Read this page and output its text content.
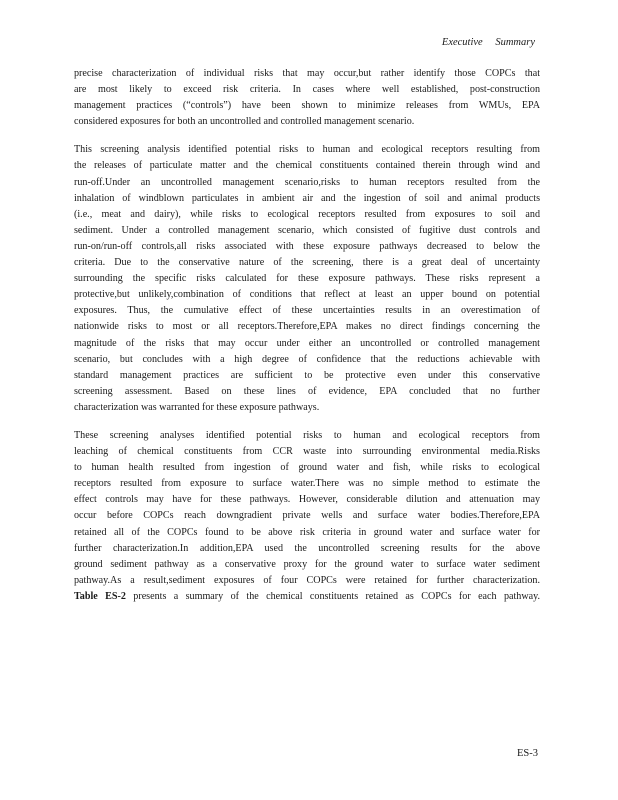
Executive Summary

precise characterization of individual risks that may occur,but rather identify those COPCs that
are most likely to exceed risk criteria. In cases where well established, post-construction
management practices (“controls”) have been shown to minimize releases from WMUs, EPA
considered exposures for both an uncontrolled and controlled management scenario.

This screening analysis identified potential risks to human and ecological receptors resulting from
the releases of particulate matter and the chemical constituents contained therein through wind and
run-off.Under an uncontrolled management scenario,risks to human receptors resulted from the
inhalation of windblown particulates in ambient air and the ingestion of soil and animal products
(i.e., meat and dairy), while risks to ecological receptors resulted from exposures to soil and
sediment. Under a controlled management scenario, which consisted of fugitive dust controls and
run-on/run-off controls,all risks associated with these exposure pathways decreased to below the
criteria. Due to the conservative nature of the screening, there is a great deal of uncertainty
surrounding the specific risks calculated for these exposure pathways. These risks represent a
protective,but unlikely,combination of conditions that reflect at least an upper bound on potential
exposures. Thus, the cumulative effect of these uncertainties results in an overestimation of
nationwide risks to most or all receptors.Therefore,EPA makes no direct findings concerning the
magnitude of the risks that may occur under either an uncontrolled or controlled management
scenario, but concludes with a high degree of confidence that the reductions achievable with
standard management practices are sufficient to be protective even under this conservative
screening assessment. Based on these lines of evidence, EPA concluded that no further
characterization was warranted for these exposure pathways.

These screening analyses identified potential risks to human and ecological receptors from
leaching of chemical constituents from CCR waste into surrounding environmental media.Risks
to human health resulted from ingestion of ground water and fish, while risks to ecological
receptors resulted from exposure to surface water.There was no simple method to estimate the
effect controls may have for these pathways. However, considerable dilution and attenuation may
occur before COPCs reach downgradient private wells and surface water bodies.Therefore,EPA
retained all of the COPCs found to be above risk criteria in ground water and surface water for
further characterization.In addition,EPA used the uncontrolled screening results for the above
ground sediment pathway as a conservative proxy for the ground water to surface water sediment
pathway.As a result,sediment exposures of four COPCs were retained for further characterization.
Table ES-2 presents a summary of the chemical constituents retained as COPCs for each pathway.

ES-3
